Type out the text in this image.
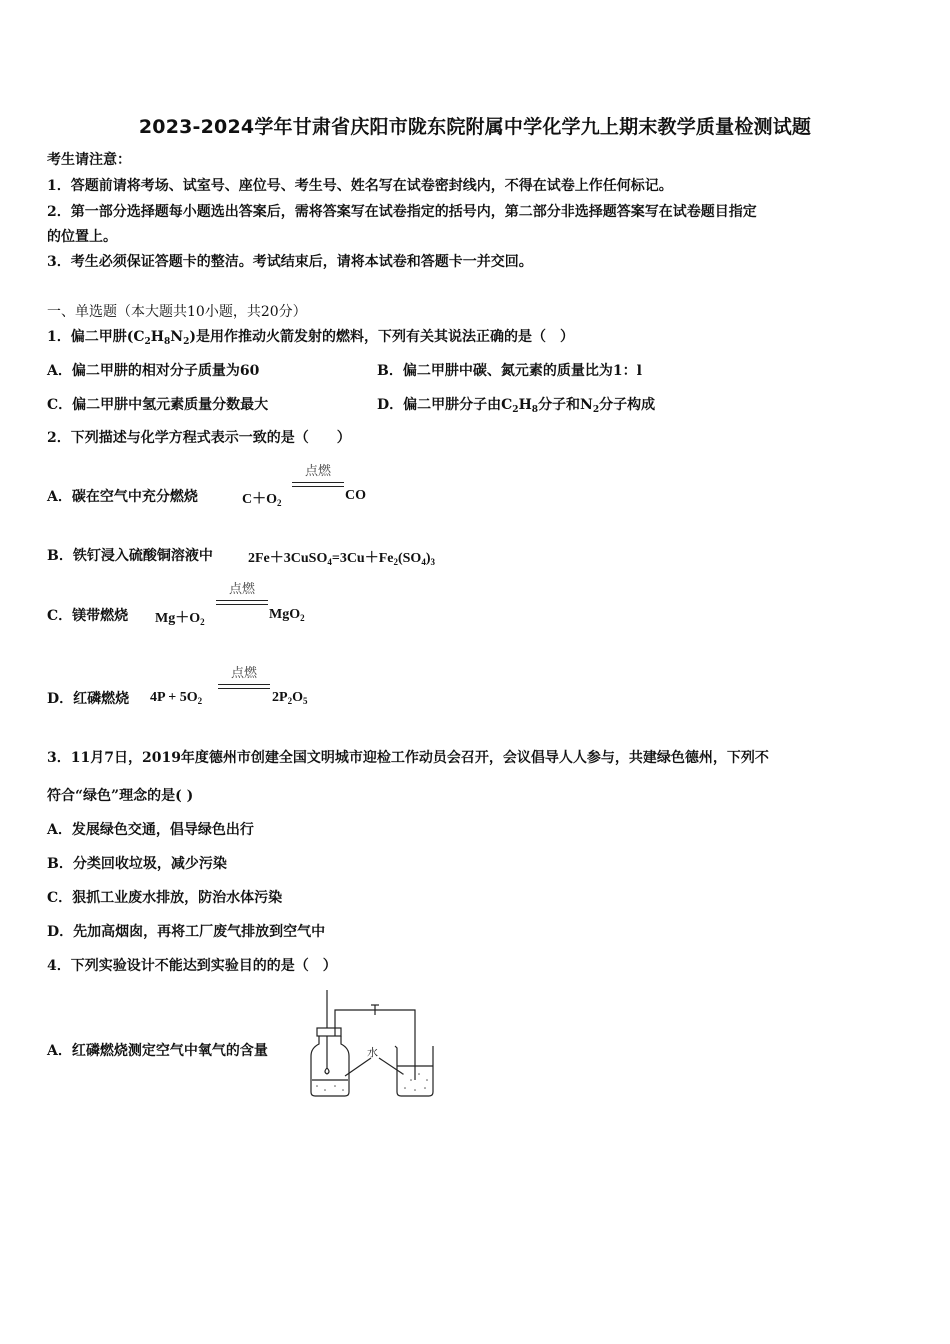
2023-2024学年甘肃省庆阳市陇东院附属中学化学九上期末教学质量检测试题
考生请注意：
1．答题前请将考场、试室号、座位号、考生号、姓名写在试卷密封线内，不得在试卷上作任何标记。
2．第一部分选择题每小题选出答案后，需将答案写在试卷指定的括号内，第二部分非选择题答案写在试卷题目指定
的位置上。
3．考生必须保证答题卡的整洁。考试结束后，请将本试卷和答题卡一并交回。
一、单选题（本大题共10小题，共20分）
1．偏二甲肼$(C_2H_8N_2)$是用作推动火箭发射的燃料，下列有关其说法正确的是（　）
A．偏二甲肼的相对分子质量为60	B．偏二甲肼中碳、氮元素的质量比为1：l
C．偏二甲肼中氢元素质量分数最大	D．偏二甲肼分子由$C_2H_8$分子和$N_2$分子构成
2．下列描述与化学方程式表示一致的是（　　）
A．碳在空气中充分燃烧	$C+O_2$
点燃
CO
B．铁钉浸入硫酸铜溶液中	$2Fe+3CuSO_4=3Cu+Fe_2(SO_4)_3$
C．镁带燃烧 $Mg+O_2$
点燃
MgO$_2$
D．红磷燃烧 $4P + 5O_2$
点燃
$2P_2O_5$
3．11月7日，2019年度德州市创建全国文明城市迎检工作动员会召开，会议倡导人人参与，共建绿色德州，下列不
符合“绿色”理念的是( )
A．发展绿色交通，倡导绿色出行
B．分类回收垃圾，减少污染
C．狠抓工业废水排放，防治水体污染
D．先加高烟囱，再将工厂废气排放到空气中
4．下列实验设计不能达到实验目的的是（　）
A．红磷燃烧测定空气中氧气的含量	水
